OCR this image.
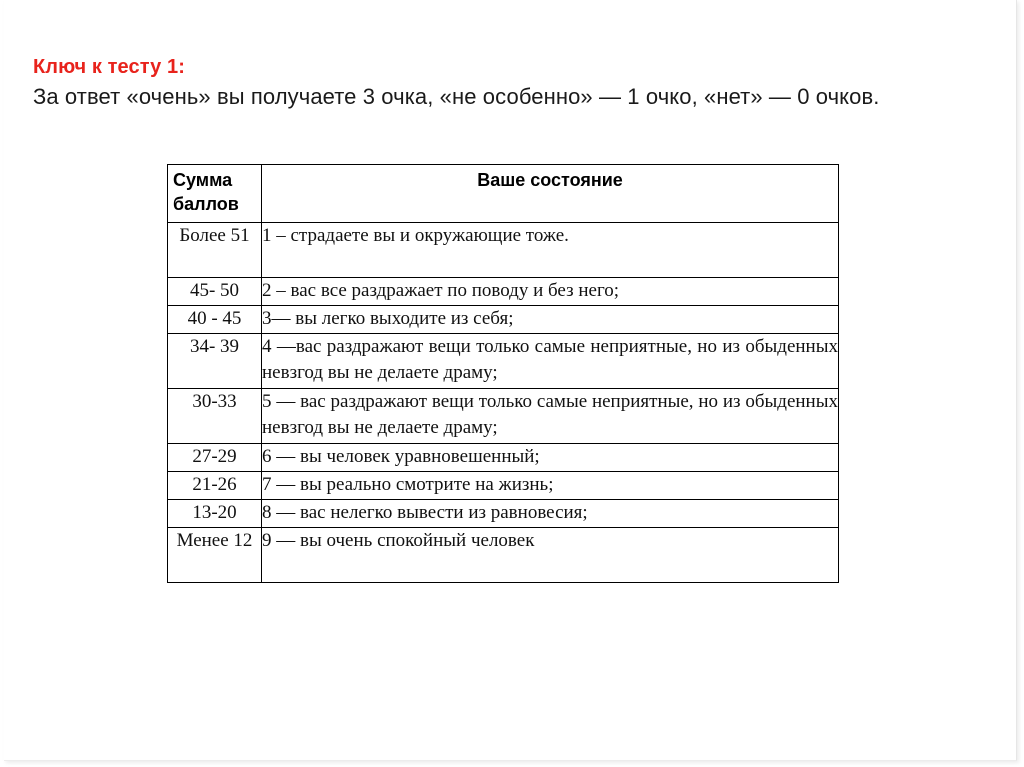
Ключ к тесту 1:
За ответ «очень» вы получаете 3 очка, «не особенно» — 1 очко, «нет» — 0 очков.
Сумма баллов	Ваше состояние
Более 51	1 – страдаете вы и окружающие тоже.
45- 50	2 – вас все раздражает по поводу и без него;
40 - 45	3— вы легко выходите из себя;
34- 39	4 —вас раздражают вещи только самые неприятные, но из обыденных невзгод вы не делаете драму;
30-33	5 — вас раздражают вещи только самые неприятные, но из обыденных невзгод вы не делаете драму;
27-29	6 — вы человек уравновешенный;
21-26	7 — вы реально смотрите на жизнь;
13-20	8 — вас нелегко вывести из равновесия;
Менее 12	9 — вы очень спокойный человек
